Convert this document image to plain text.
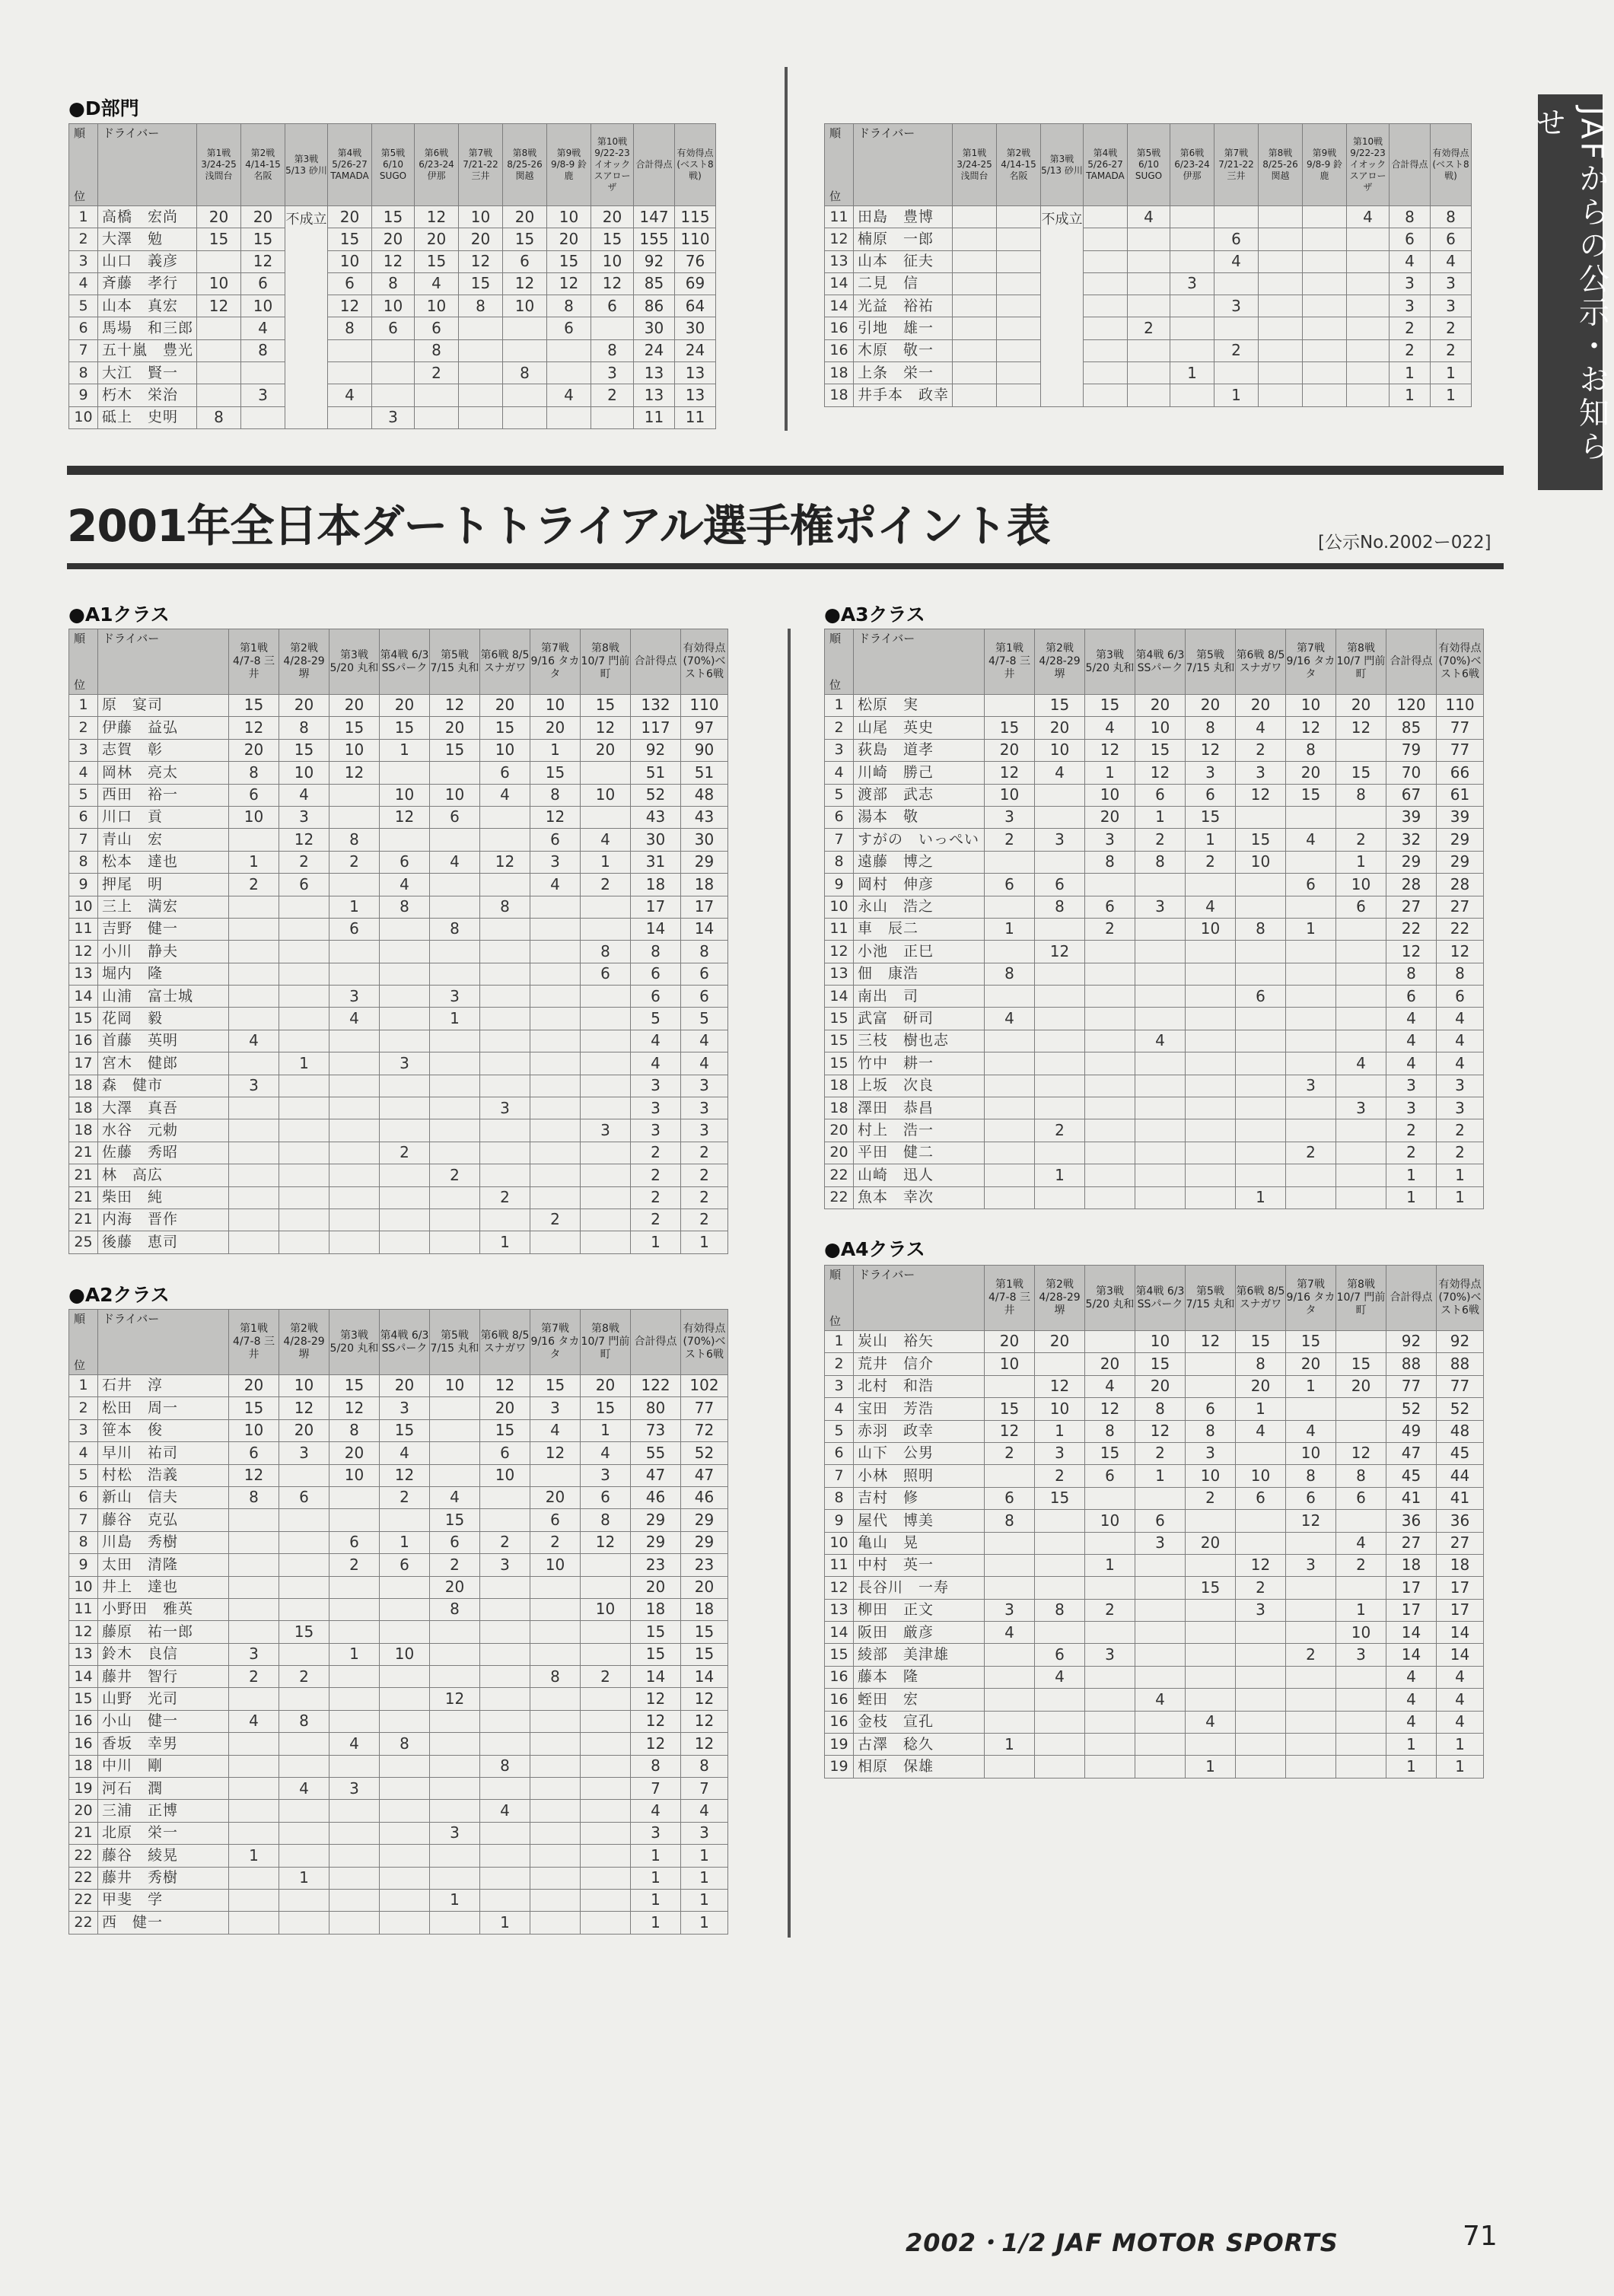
●D部門
順
位	ドライバー	第1戦 3/24-25 浅間台	第2戦 4/14-15 名阪	第3戦 5/13 砂川	第4戦 5/26-27 TAMADA	第5戦 6/10 SUGO	第6戦 6/23-24 伊那	第7戦 7/21-22 三井	第8戦 8/25-26 関越	第9戦 9/8-9 鈴鹿	第10戦 9/22-23 イオックスアローザ	合計得点	有効得点(ベスト8戦)
1	高橋　宏尚	20	20	不成立	20	15	12	10	20	10	20	147	115
2	大澤　勉	15	15		15	20	20	20	15	20	15	155	110
3	山口　義彦		12		10	12	15	12	6	15	10	92	76
4	斉藤　孝行	10	6		6	8	4	15	12	12	12	85	69
5	山本　真宏	12	10		12	10	10	8	10	8	6	86	64
6	馬場　和三郎		4		8	6	6			6		30	30
7	五十嵐　豊光		8				8				8	24	24
8	大江　賢一						2		8		3	13	13
9	朽木　栄治		3		4					4	2	13	13
10	砥上　史明	8				3						11	11
順
位	ドライバー	第1戦 3/24-25 浅間台	第2戦 4/14-15 名阪	第3戦 5/13 砂川	第4戦 5/26-27 TAMADA	第5戦 6/10 SUGO	第6戦 6/23-24 伊那	第7戦 7/21-22 三井	第8戦 8/25-26 関越	第9戦 9/8-9 鈴鹿	第10戦 9/22-23 イオックスアローザ	合計得点	有効得点(ベスト8戦)
11	田島　豊博			不成立		4					4	8	8
12	楠原　一郎							6				6	6
13	山本　征夫							4				4	4
14	二見　信						3					3	3
14	光益　裕祐							3				3	3
16	引地　雄一					2						2	2
16	木原　敬一							2				2	2
18	上条　栄一						1					1	1
18	井手本　政幸							1				1	1	JAFからの公示・お知らせ
2001年全日本ダートトライアル選手権ポイント表	[公示No.2002ー022]
●A1クラス
順
位	ドライバー	第1戦 4/7-8 三井	第2戦 4/28-29 堺	第3戦 5/20 丸和	第4戦 6/3 SSパーク	第5戦 7/15 丸和	第6戦 8/5 スナガワ	第7戦 9/16 タカタ	第8戦 10/7 門前町	合計得点	有効得点(70%)ベスト6戦
1	原　宴司	15	20	20	20	12	20	10	15	132	110
2	伊藤　益弘	12	8	15	15	20	15	20	12	117	97
3	志賀　彰	20	15	10	1	15	10	1	20	92	90
4	岡林　亮太	8	10	12			6	15		51	51
5	西田　裕一	6	4		10	10	4	8	10	52	48
6	川口　貢	10	3		12	6		12		43	43
7	青山　宏		12	8				6	4	30	30
8	松本　達也	1	2	2	6	4	12	3	1	31	29
9	押尾　明	2	6		4			4	2	18	18
10	三上　満宏			1	8		8			17	17
11	吉野　健一			6		8				14	14
12	小川　静夫								8	8	8
13	堀内　隆								6	6	6
14	山浦　富士城			3		3				6	6
15	花岡　毅			4		1				5	5
16	首藤　英明	4								4	4
17	宮木　健郎		1		3					4	4
18	森　健市	3								3	3
18	大澤　真吾						3			3	3
18	水谷　元勅								3	3	3
21	佐藤　秀昭				2					2	2
21	林　高広					2				2	2
21	柴田　純						2			2	2
21	内海　晋作							2		2	2
25	後藤　恵司						1			1	1
●A2クラス
順
位	ドライバー	第1戦 4/7-8 三井	第2戦 4/28-29 堺	第3戦 5/20 丸和	第4戦 6/3 SSパーク	第5戦 7/15 丸和	第6戦 8/5 スナガワ	第7戦 9/16 タカタ	第8戦 10/7 門前町	合計得点	有効得点(70%)ベスト6戦
1	石井　淳	20	10	15	20	10	12	15	20	122	102
2	松田　周一	15	12	12	3		20	3	15	80	77
3	笹本　俊	10	20	8	15		15	4	1	73	72
4	早川　祐司	6	3	20	4		6	12	4	55	52
5	村松　浩義	12		10	12		10		3	47	47
6	新山　信夫	8	6		2	4		20	6	46	46
7	藤谷　克弘					15		6	8	29	29
8	川島　秀樹			6	1	6	2	2	12	29	29
9	太田　清隆			2	6	2	3	10		23	23
10	井上　達也					20				20	20
11	小野田　雅英					8			10	18	18
12	藤原　祐一郎		15							15	15
13	鈴木　良信	3		1	10					15	15
14	藤井　智行	2	2					8	2	14	14
15	山野　光司					12				12	12
16	小山　健一	4	8							12	12
16	香坂　幸男			4	8					12	12
18	中川　剛						8			8	8
19	河石　潤		4	3						7	7
20	三浦　正博						4			4	4
21	北原　栄一					3				3	3
22	藤谷　綾晃	1								1	1
22	藤井　秀樹		1							1	1
22	甲斐　学					1				1	1
22	西　健一						1			1	1
●A3クラス
順
位	ドライバー	第1戦 4/7-8 三井	第2戦 4/28-29 堺	第3戦 5/20 丸和	第4戦 6/3 SSパーク	第5戦 7/15 丸和	第6戦 8/5 スナガワ	第7戦 9/16 タカタ	第8戦 10/7 門前町	合計得点	有効得点(70%)ベスト6戦
1	松原　実		15	15	20	20	20	10	20	120	110
2	山尾　英史	15	20	4	10	8	4	12	12	85	77
3	荻島　道孝	20	10	12	15	12	2	8		79	77
4	川崎　勝己	12	4	1	12	3	3	20	15	70	66
5	渡部　武志	10		10	6	6	12	15	8	67	61
6	湯本　敬	3		20	1	15				39	39
7	すがの　いっぺい	2	3	3	2	1	15	4	2	32	29
8	遠藤　博之			8	8	2	10		1	29	29
9	岡村　伸彦	6	6					6	10	28	28
10	永山　浩之		8	6	3	4			6	27	27
11	車　辰二	1		2		10	8	1		22	22
12	小池　正巳		12							12	12
13	佃　康浩	8								8	8
14	南出　司						6			6	6
15	武富　研司	4								4	4
15	三枝　樹也志				4					4	4
15	竹中　耕一								4	4	4
18	上坂　次良							3		3	3
18	澤田　恭昌								3	3	3
20	村上　浩一		2							2	2
20	平田　健二							2		2	2
22	山崎　迅人		1							1	1
22	魚本　幸次						1			1	1
●A4クラス
順
位	ドライバー	第1戦 4/7-8 三井	第2戦 4/28-29 堺	第3戦 5/20 丸和	第4戦 6/3 SSパーク	第5戦 7/15 丸和	第6戦 8/5 スナガワ	第7戦 9/16 タカタ	第8戦 10/7 門前町	合計得点	有効得点(70%)ベスト6戦
1	炭山　裕矢	20	20		10	12	15	15		92	92
2	荒井　信介	10		20	15		8	20	15	88	88
3	北村　和浩		12	4	20		20	1	20	77	77
4	宝田　芳浩	15	10	12	8	6	1			52	52
5	赤羽　政幸	12	1	8	12	8	4	4		49	48
6	山下　公男	2	3	15	2	3		10	12	47	45
7	小林　照明		2	6	1	10	10	8	8	45	44
8	吉村　修	6	15			2	6	6	6	41	41
9	屋代　博美	8		10	6			12		36	36
10	亀山　晃				3	20			4	27	27
11	中村　英一			1			12	3	2	18	18
12	長谷川　一寿					15	2			17	17
13	柳田　正文	3	8	2			3		1	17	17
14	阪田　厳彦	4							10	14	14
15	綾部　美津雄		6	3				2	3	14	14
16	藤本　隆		4							4	4
16	蛭田　宏				4					4	4
16	金枝　宣孔					4				4	4
19	古澤　稔久	1								1	1
19	相原　保雄					1				1	1
2002・1/2 JAF MOTOR SPORTS	71
